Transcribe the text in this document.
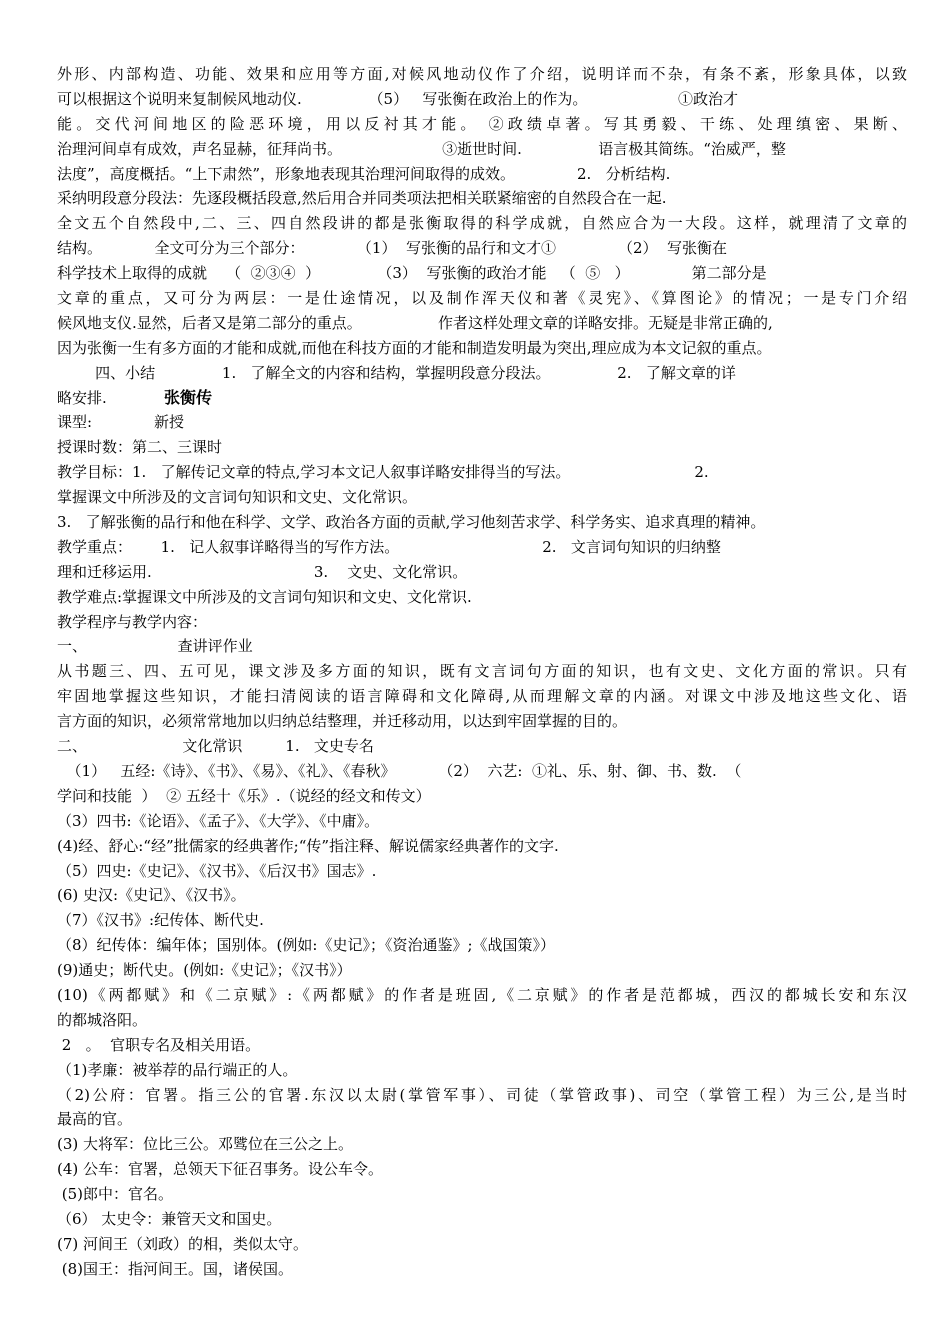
外形、内部构造、功能、效果和应用等方面,对候风地动仪作了介绍，说明详而不杂，有条不紊，形象具体，以致
可以根据这个说明来复制候风地动仪.              （5）   写张衡在政治上的作为。                   ①政治才
能。交代河间地区的险恶环境，用以反衬其才能。 ②政绩卓著。写其勇毅、干练、处理缜密、果断、
治理河间卓有成效，声名显赫，征拜尚书。                     ③逝世时间.                语言极其简练。“治威严，整
法度”，高度概括。“上下肃然”，形象地表现其治理河间取得的成效。             2.   分析结构.
采纳明段意分段法：先逐段概括段意,然后用合并同类项法把相关联紧缩密的自然段合在一起.
全文五个自然段中,二、三、四自然段讲的都是张衡取得的科学成就，自然应合为一大段。这样，就理清了文章的
结构。           全文可分为三个部分：           （1）  写张衡的品行和文才①             （2）  写张衡在
科学技术上取得的成就    （  ②③④  ）            （3）  写张衡的政治才能   （  ⑤   ）             第二部分是
文章的重点，又可分为两层：一是仕途情况，以及制作浑天仪和著《灵宪》、《算图论》的情况；一是专门介绍
候风地支仪.显然，后者又是第二部分的重点。                作者这样处理文章的详略安排。无疑是非常正确的,
因为张衡一生有多方面的才能和成就,而他在科技方面的才能和制造发明最为突出,理应成为本文记叙的重点。
四、小结              1.   了解全文的内容和结构，掌握明段意分段法。              2.   了解文章的详
略安排.            张衡传
课型:             新授
授课时数：第二、三课时
教学目标：1.   了解传记文章的特点,学习本文记人叙事详略安排得当的写法。                          2.
掌握课文中所涉及的文言词句知识和文史、文化常识。
3.   了解张衡的品行和他在科学、文学、政治各方面的贡献,学习他刻苦求学、科学务实、追求真理的精神。
教学重点：      1.   记人叙事详略得当的写作方法。                              2.   文言词句知识的归纳整
理和迁移运用.                                  3.    文史、文化常识。
教学难点:掌握课文中所涉及的文言词句知识和文史、文化常识.
教学程序与教学内容：
一、                   查讲评作业
从书题三、四、五可见，课文涉及多方面的知识，既有文言词句方面的知识，也有文史、文化方面的常识。只有
牢固地掌握这些知识，才能扫清阅读的语言障碍和文化障碍,从而理解文章的内涵。对课文中涉及地这些文化、语
言方面的知识，必须常常地加以归纳总结整理，并迁移动用，以达到牢固掌握的目的。
二、                    文化常识         1.   文史专名
（1）   五经:《诗》、《书》、《易》、《礼》、《春秋》         （2）  六艺:  ①礼、乐、射、御、书、数.  （
学问和技能  ）  ② 五经十《乐》.（说经的经文和传文）
（3）四书:《论语》、《孟子》、《大学》、《中庸》。
(4)经、舒心:“经”批儒家的经典著作;“传”指注释、解说儒家经典著作的文字.
（5）四史:《史记》、《汉书》、《后汉书》国志》.
(6) 史汉:《史记》、《汉书》。
（7）《汉书》:纪传体、断代史.
（8）纪传体：编年体；国别体。(例如:《史记》；《资治通鉴》;《战国策》）
(9)通史；断代史。(例如:《史记》；《汉书》）
(10)《两都赋》和《二京赋》:《两都赋》的作者是班固,《二京赋》的作者是范都城，西汉的都城长安和东汉
的都城洛阳。
2   。  官职专名及相关用语。
（1)孝廉：被举荐的品行端正的人。
（2)公府：官署。指三公的官署.东汉以太尉(掌管军事）、司徒（掌管政事)、司空（掌管工程）为三公,是当时
最高的官。
(3) 大将军：位比三公。邓骘位在三公之上。
(4) 公车：官署，总领天下征召事务。设公车令。
(5)郎中：官名。
（6） 太史令：兼管天文和国史。
(7) 河间王（刘政）的相，类似太守。
(8)国王：指河间王。国，诸侯国。
